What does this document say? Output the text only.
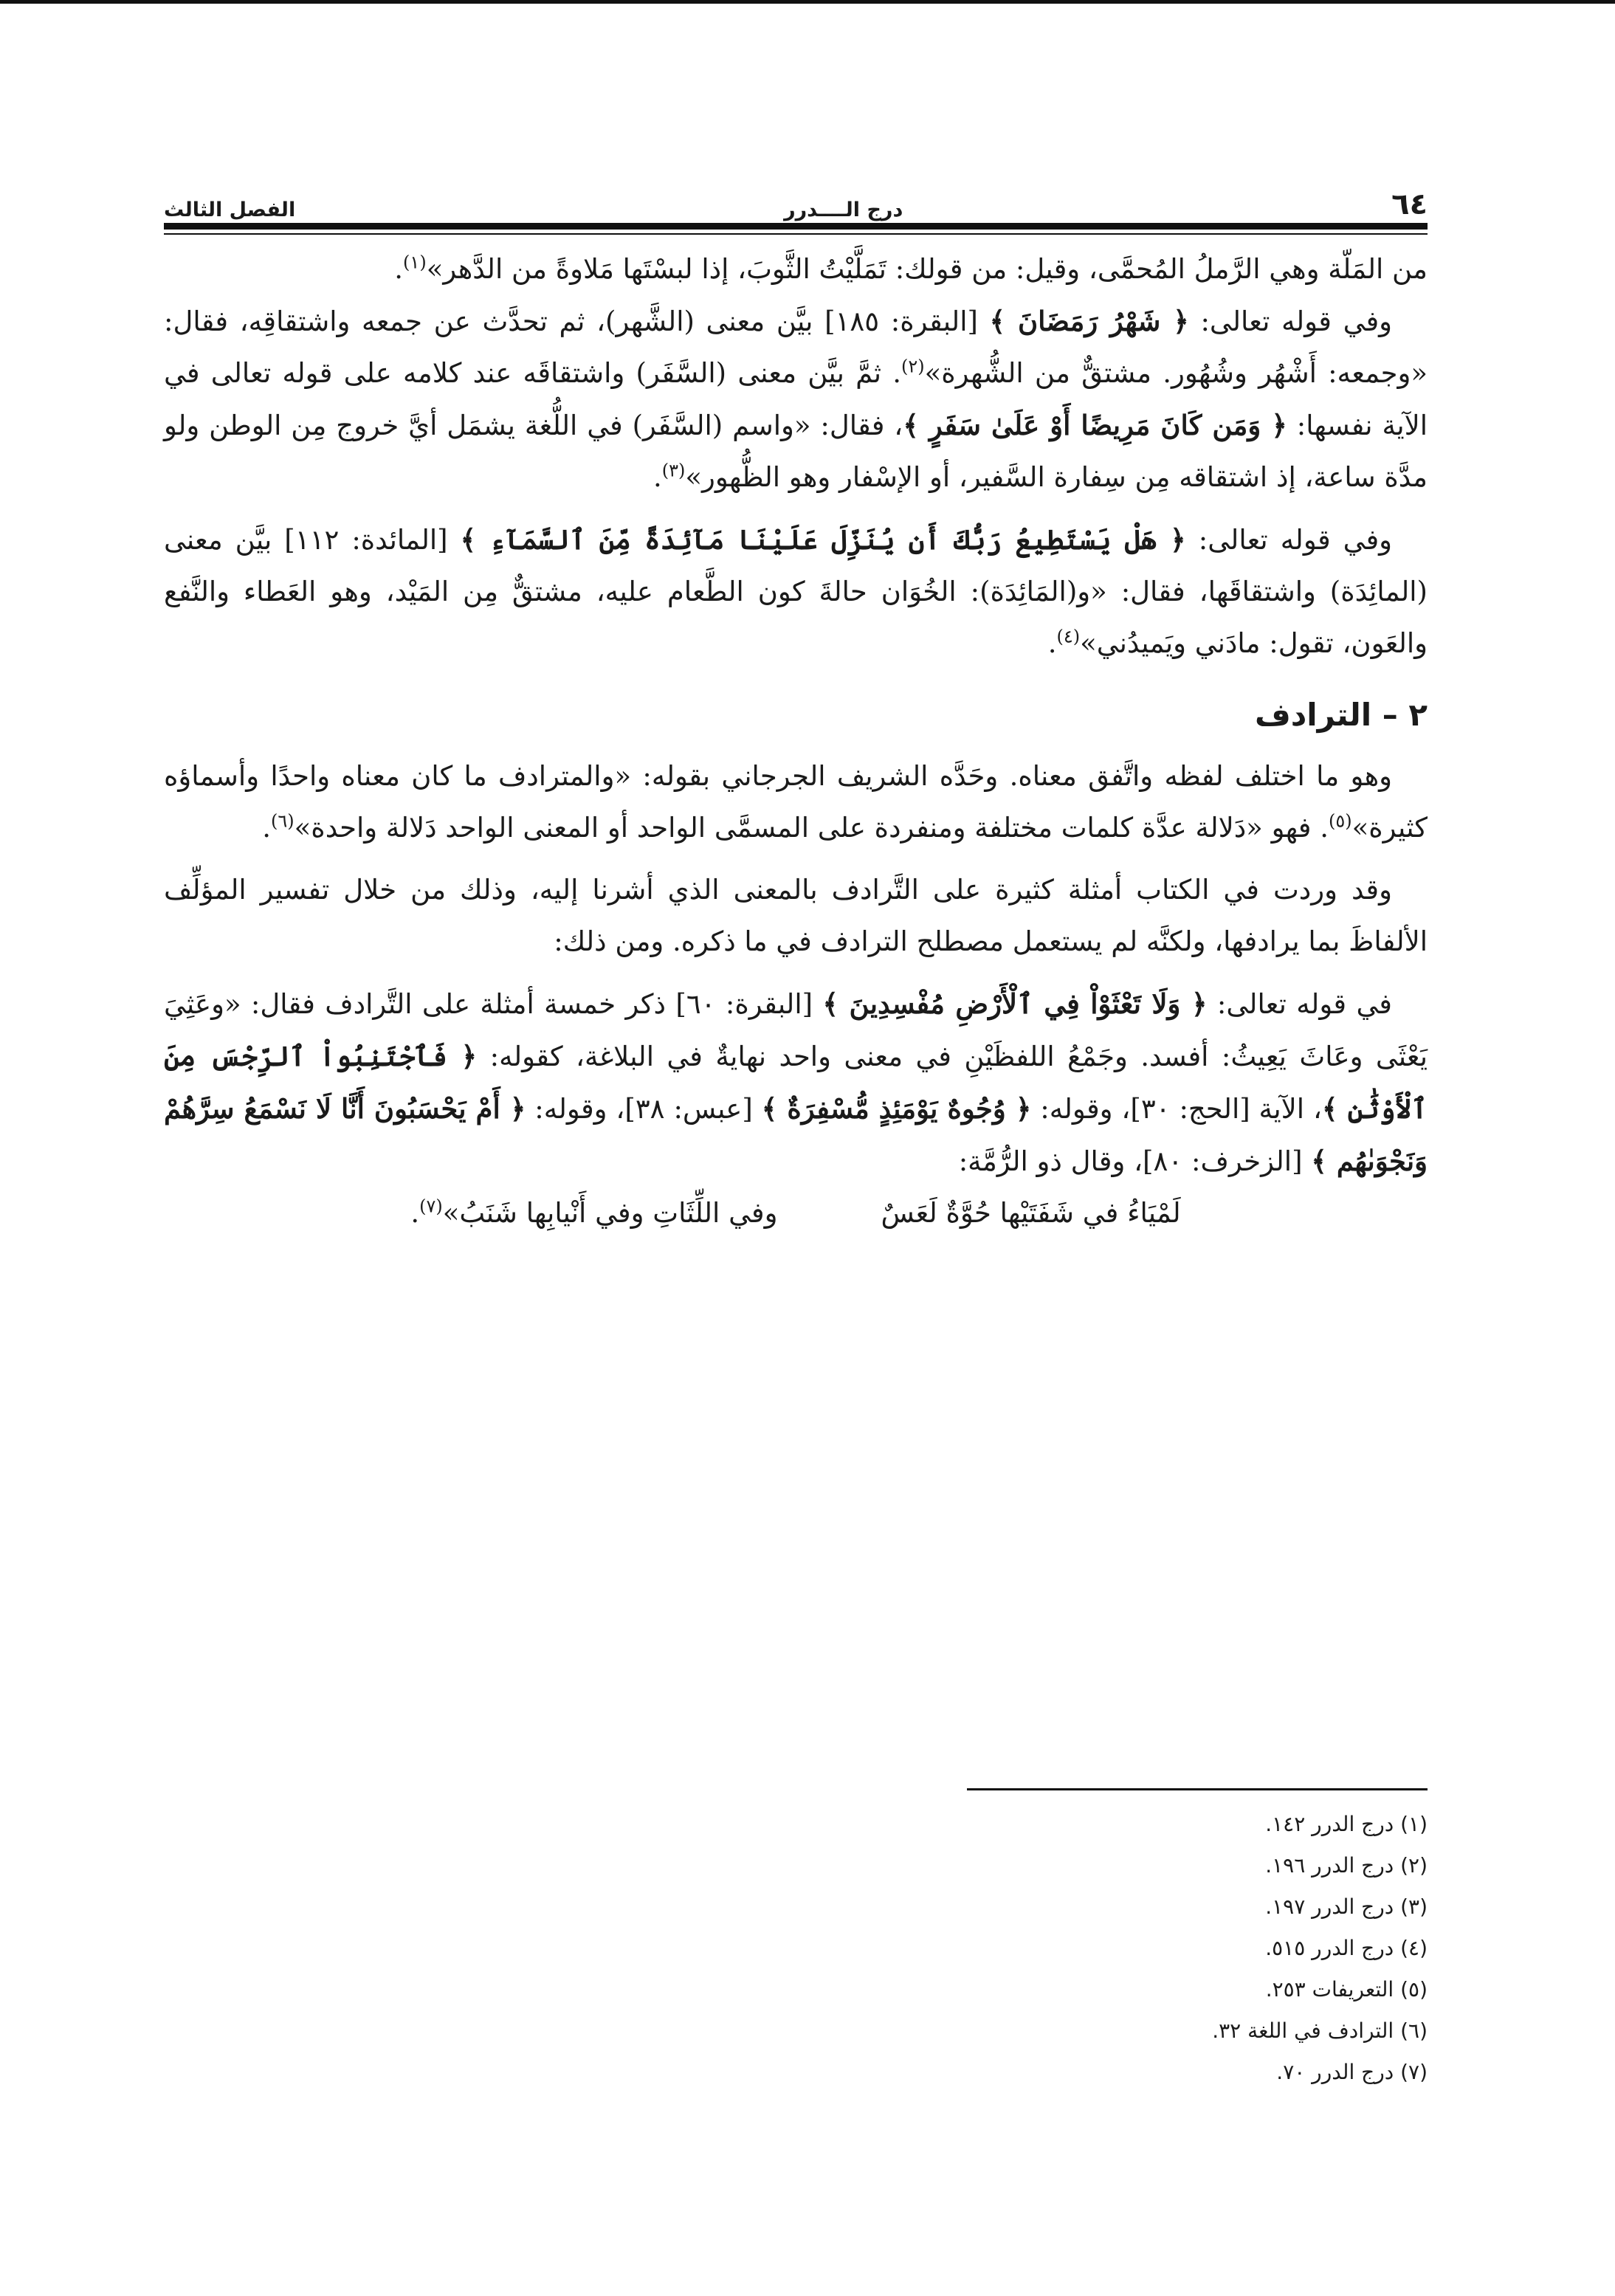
٦٤
درج الــــدرر
الفصل الثالث

من المَلّة وهي الرَّملُ المُحمَّى، وقيل: من قولك: تَمَلَّيْتُ الثَّوبَ، إذا لبسْتَها مَلاوةً من الدَّهر»$^{(١)}$.

وفي قوله تعالى: ﴿ شَهْرُ رَمَضَانَ ﴾ [البقرة: ١٨٥] بيَّن معنى (الشَّهر)، ثم تحدَّث عن جمعه واشتقاقِه، فقال: «وجمعه: أَشْهُر وشُهُور. مشتقٌّ من الشُّهرة»$^{(٢)}$. ثمَّ بيَّن معنى (السَّفَر) واشتقاقَه عند كلامه على قوله تعالى في الآية نفسها: ﴿ وَمَن كَانَ مَرِيضًا أَوْ عَلَىٰ سَفَرٍ ﴾، فقال: «واسم (السَّفَر) في اللُّغة يشمَل أيَّ خروج مِن الوطن ولو مدَّة ساعة، إذ اشتقاقه مِن سِفارة السَّفير، أو الإسْفار وهو الظُّهور»$^{(٣)}$.

وفي قوله تعالى: ﴿ هَلْ يَسْتَطِيعُ رَبُّكَ أَن يُنَزِّلَ عَلَيْنَا مَآئِدَةً مِّنَ ٱلسَّمَآءِ ﴾ [المائدة: ١١٢] بيَّن معنى (المائِدَة) واشتقاقَها، فقال: «و(المَائِدَة): الخُوَان حالةَ كون الطَّعام عليه، مشتقٌّ مِن المَيْد، وهو العَطاء والنَّفع والعَون، تقول: مادَني ويَميدُني»$^{(٤)}$.

٢ – الترادف

وهو ما اختلف لفظه واتَّفق معناه. وحَدَّه الشريف الجرجاني بقوله: «والمترادف ما كان معناه واحدًا وأسماؤه كثيرة»$^{(٥)}$. فهو «دَلالة عدَّة كلمات مختلفة ومنفردة على المسمَّى الواحد أو المعنى الواحد دَلالة واحدة»$^{(٦)}$.

وقد وردت في الكتاب أمثلة كثيرة على التَّرادف بالمعنى الذي أشرنا إليه، وذلك من خلال تفسير المؤلِّف الألفاظَ بما يرادفها، ولكنَّه لم يستعمل مصطلح الترادف في ما ذكره. ومن ذلك:

في قوله تعالى: ﴿ وَلَا تَعْثَوْاْ فِي ٱلْأَرْضِ مُفْسِدِينَ ﴾ [البقرة: ٦٠] ذكر خمسة أمثلة على التَّرادف فقال: «وعَثِيَ يَعْثَى وعَاثَ يَعِيثُ: أفسد. وجَمْعُ اللفظَيْنِ في معنى واحد نهايةٌ في البلاغة، كقوله: ﴿ فَٱجْتَنِبُواْ ٱلرِّجْسَ مِنَ ٱلْأَوْثَٰنِ ﴾، الآية [الحج: ٣٠]، وقوله: ﴿ وُجُوهٌ يَوْمَئِذٍ مُّسْفِرَةٌ ﴾ [عبس: ٣٨]، وقوله: ﴿ أَمْ يَحْسَبُونَ أَنَّا لَا نَسْمَعُ سِرَّهُمْ وَنَجْوَىٰهُم ﴾ [الزخرف: ٨٠]، وقال ذو الرُّمَّة:

لَمْيَاءُ في شَفَتَيْها حُوَّةٌ لَعَسٌوفي اللِّثَاتِ وفي أَنْيابِها شَنَبُ»$^{(٧)}$.

(١) درج الدرر ١٤٢.
(٢) درج الدرر ١٩٦.
(٣) درج الدرر ١٩٧.
(٤) درج الدرر ٥١٥.
(٥) التعريفات ٢٥٣.
(٦) الترادف في اللغة ٣٢.
(٧) درج الدرر ٧٠.
